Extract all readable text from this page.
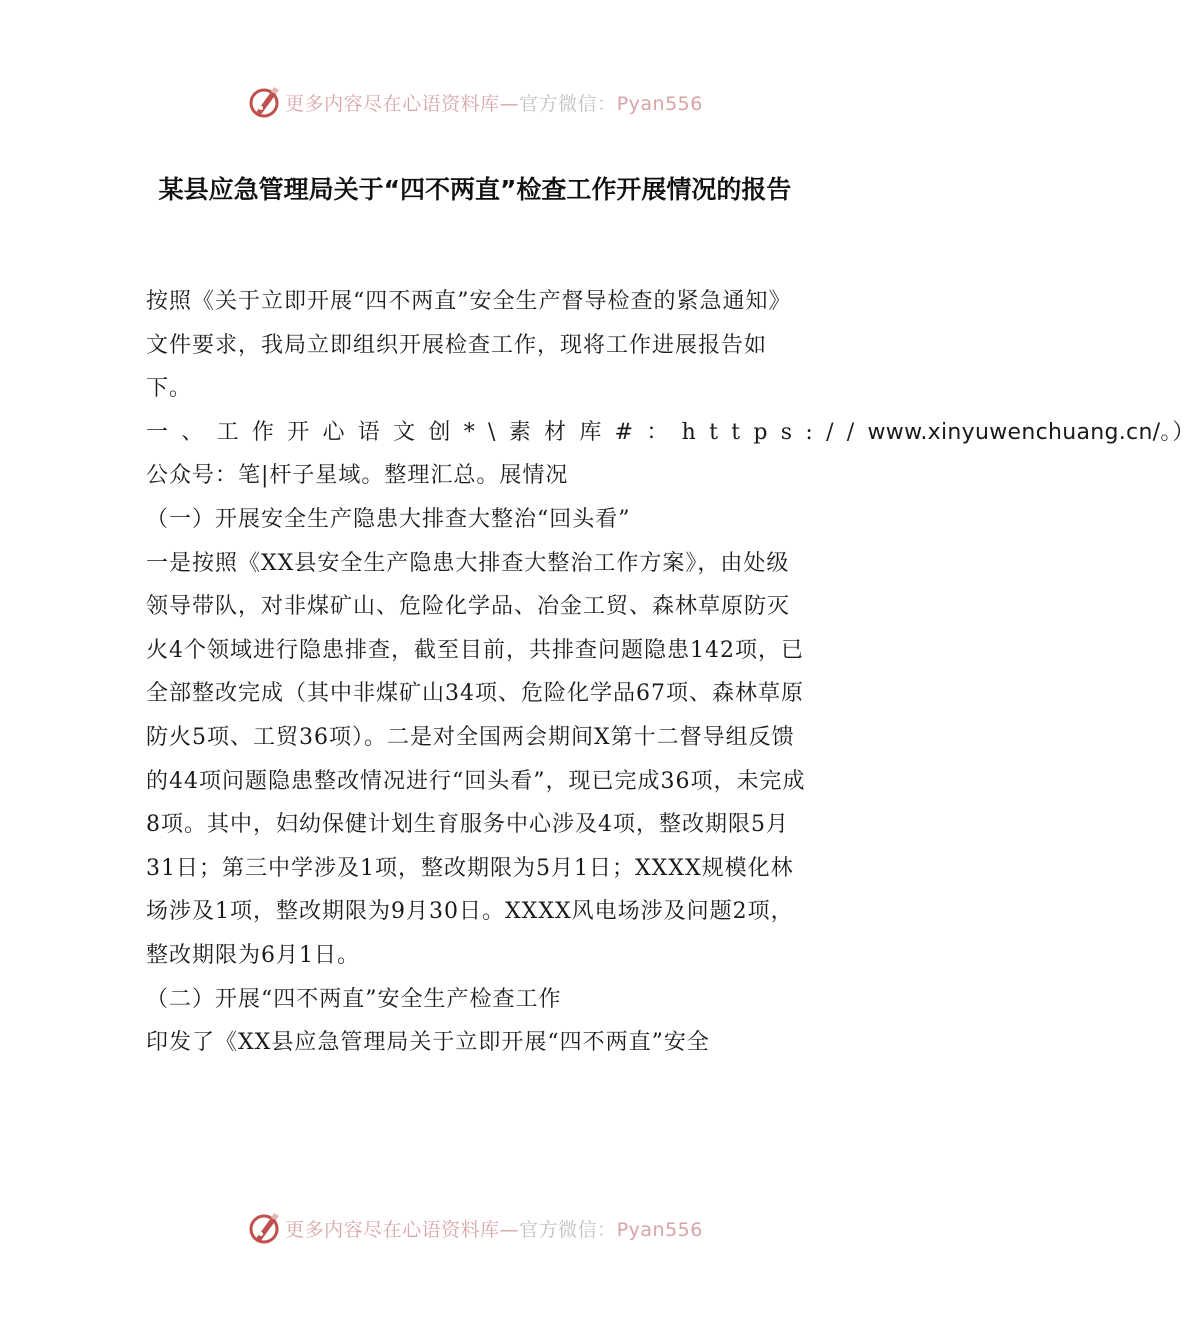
更多内容尽在心语资料库—官方微信：Pyan556
某县应急管理局关于“四不两直”检查工作开展情况的报告

按照《关于立即开展“四不两直”安全生产督导检查的紧急通知》文件要求，我局立即组织开展检查工作，现将工作进展报告如下。

一、工作开心语文创*\素材库#：https://www.xinyuwenchuang.cn/。）公众号：笔|杆子星域。整理汇总。展情况

（一）开展安全生产隐患大排查大整治“回头看”

一是按照《XX县安全生产隐患大排查大整治工作方案》，由处级领导带队，对非煤矿山、危险化学品、冶金工贸、森林草原防灭火4个领域进行隐患排查，截至目前，共排查问题隐患142项，已全部整改完成（其中非煤矿山34项、危险化学品67项、森林草原防火5项、工贸36项）。二是对全国两会期间X第十二督导组反馈的44项问题隐患整改情况进行“回头看”，现已完成36项，未完成8项。其中，妇幼保健计划生育服务中心涉及4项，整改期限5月31日；第三中学涉及1项，整改期限为5月1日；XXXX规模化林场涉及1项，整改期限为9月30日。XXXX风电场涉及问题2项，整改期限为6月1日。

（二）开展“四不两直”安全生产检查工作

印发了《XX县应急管理局关于立即开展“四不两直”安全

更多内容尽在心语资料库—官方微信：Pyan556
